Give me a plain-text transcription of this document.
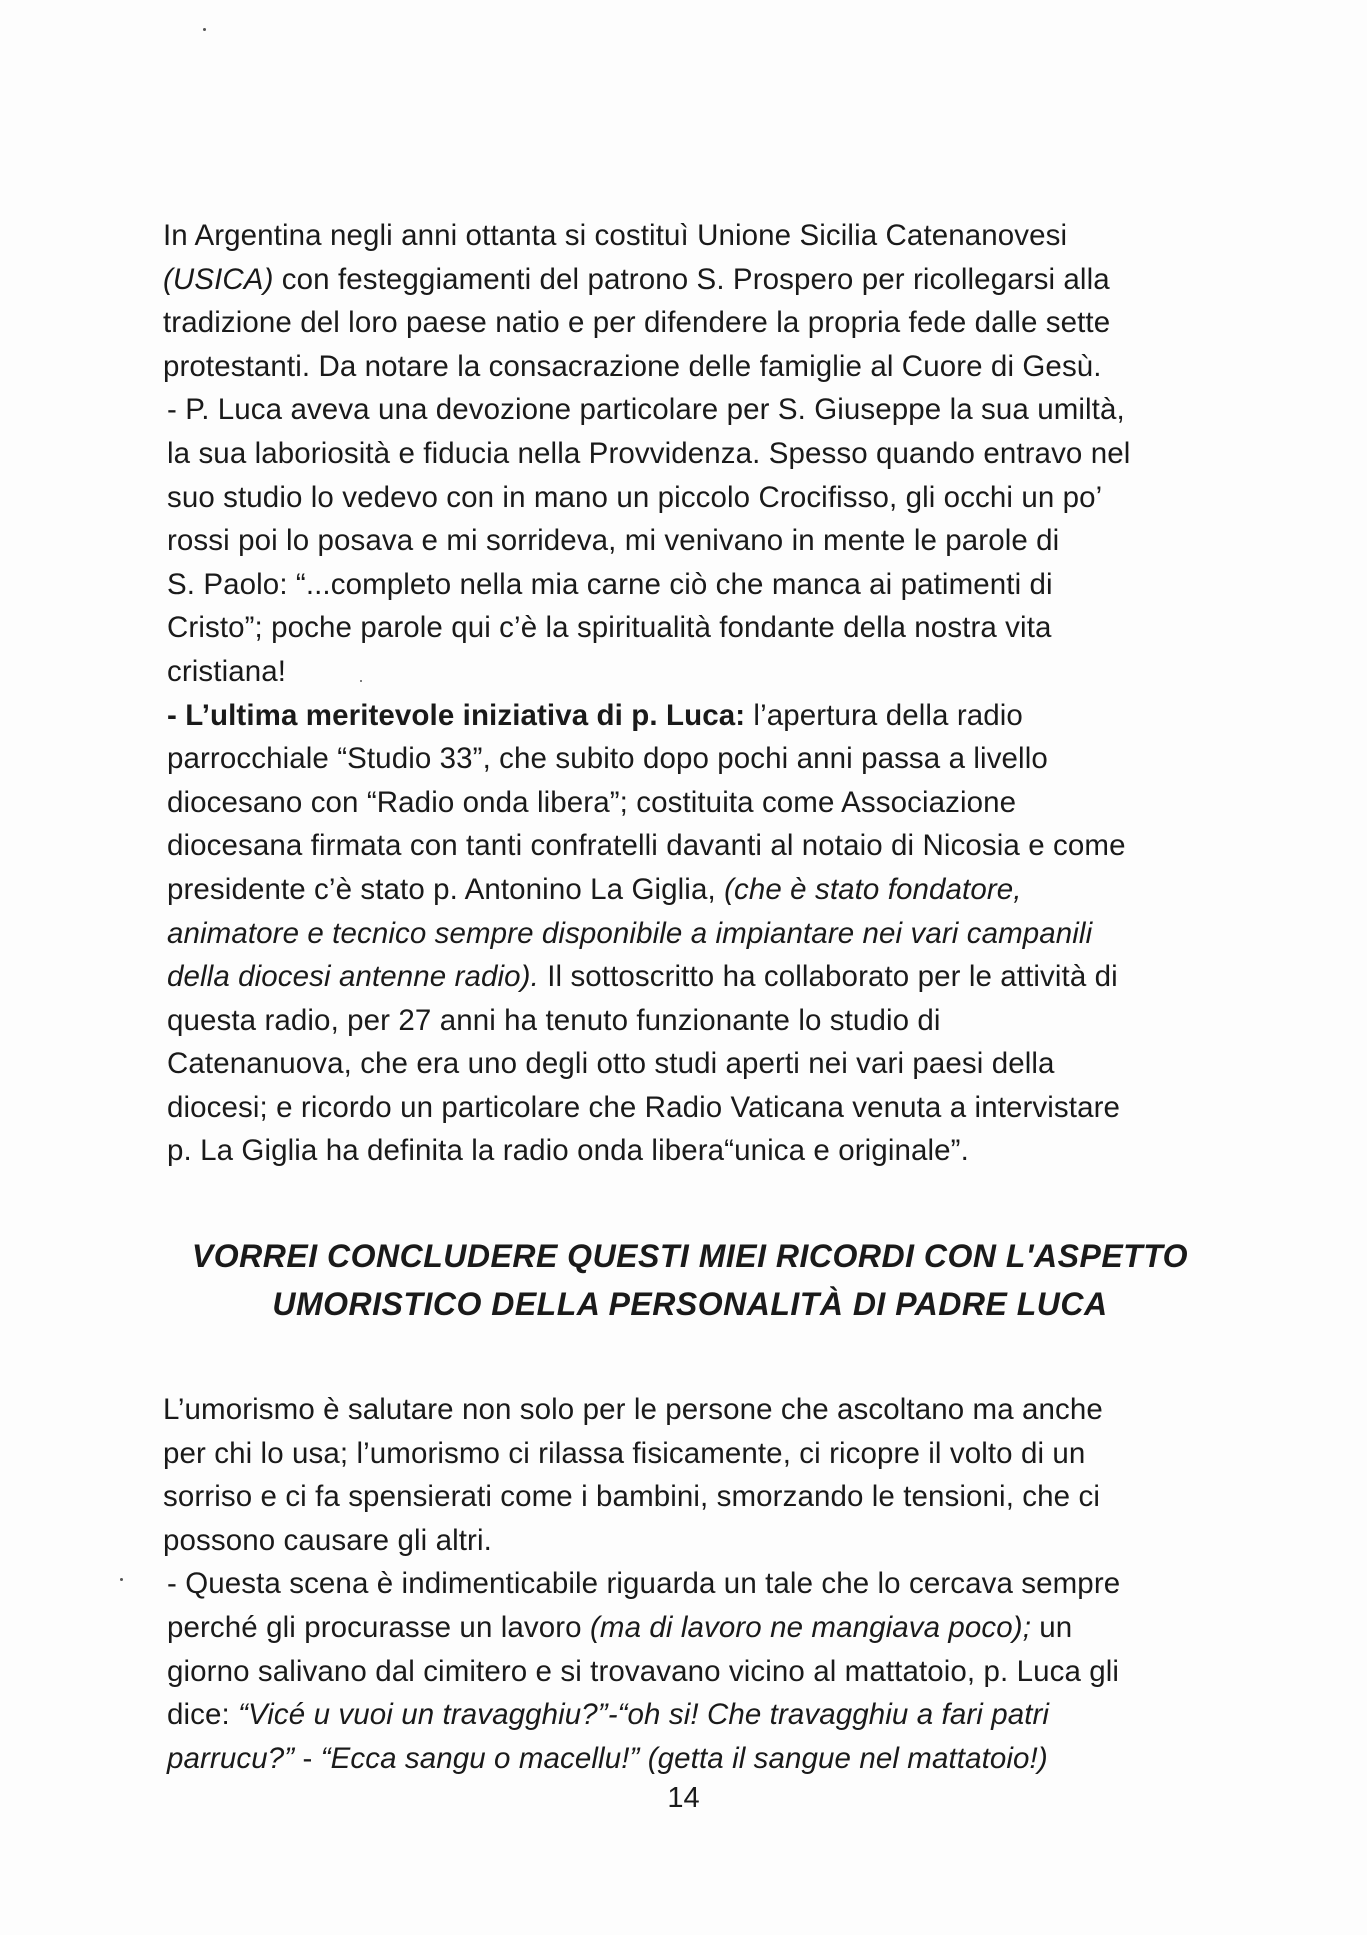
In Argentina negli anni ottanta si costituì Unione Sicilia Catenanovesi
(USICA) con festeggiamenti del patrono S. Prospero per ricollegarsi alla
tradizione del loro paese natio e per difendere la propria fede dalle sette
protestanti. Da notare la consacrazione delle famiglie al Cuore di Gesù.
- P. Luca aveva una devozione particolare per S. Giuseppe la sua umiltà,
la sua laboriosità e fiducia nella Provvidenza. Spesso quando entravo nel
suo studio lo vedevo con in mano un piccolo Crocifisso, gli occhi un po’
rossi poi lo posava e mi sorrideva, mi venivano in mente le parole di
S. Paolo: “...completo nella mia carne ciò che manca ai patimenti di
Cristo”; poche parole qui c’è la spiritualità fondante della nostra vita
cristiana!
- L’ultima meritevole iniziativa di p. Luca: l’apertura della radio
parrocchiale “Studio 33”, che subito dopo pochi anni passa a livello
diocesano con “Radio onda libera”; costituita come Associazione
diocesana firmata con tanti confratelli davanti al notaio di Nicosia e come
presidente c’è stato p. Antonino La Giglia, (che è stato fondatore,
animatore e tecnico sempre disponibile a impiantare nei vari campanili
della diocesi antenne radio). Il sottoscritto ha collaborato per le attività di
questa radio, per 27 anni ha tenuto funzionante lo studio di
Catenanuova, che era uno degli otto studi aperti nei vari paesi della
diocesi; e ricordo un particolare che Radio Vaticana venuta a intervistare
p. La Giglia ha definita la radio onda libera“unica e originale”.
VORREI CONCLUDERE QUESTI MIEI RICORDI CON L'ASPETTO
UMORISTICO DELLA PERSONALITÀ DI PADRE LUCA
L’umorismo è salutare non solo per le persone che ascoltano ma anche
per chi lo usa; l’umorismo ci rilassa fisicamente, ci ricopre il volto di un
sorriso e ci fa spensierati come i bambini, smorzando le tensioni, che ci
possono causare gli altri.
- Questa scena è indimenticabile riguarda un tale che lo cercava sempre
perché gli procurasse un lavoro (ma di lavoro ne mangiava poco); un
giorno salivano dal cimitero e si trovavano vicino al mattatoio, p. Luca gli
dice: “Vicé u vuoi un travagghiu?”-“oh si! Che travagghiu a fari patri
parrucu?” - “Ecca sangu o macellu!” (getta il sangue nel mattatoio!)
14
